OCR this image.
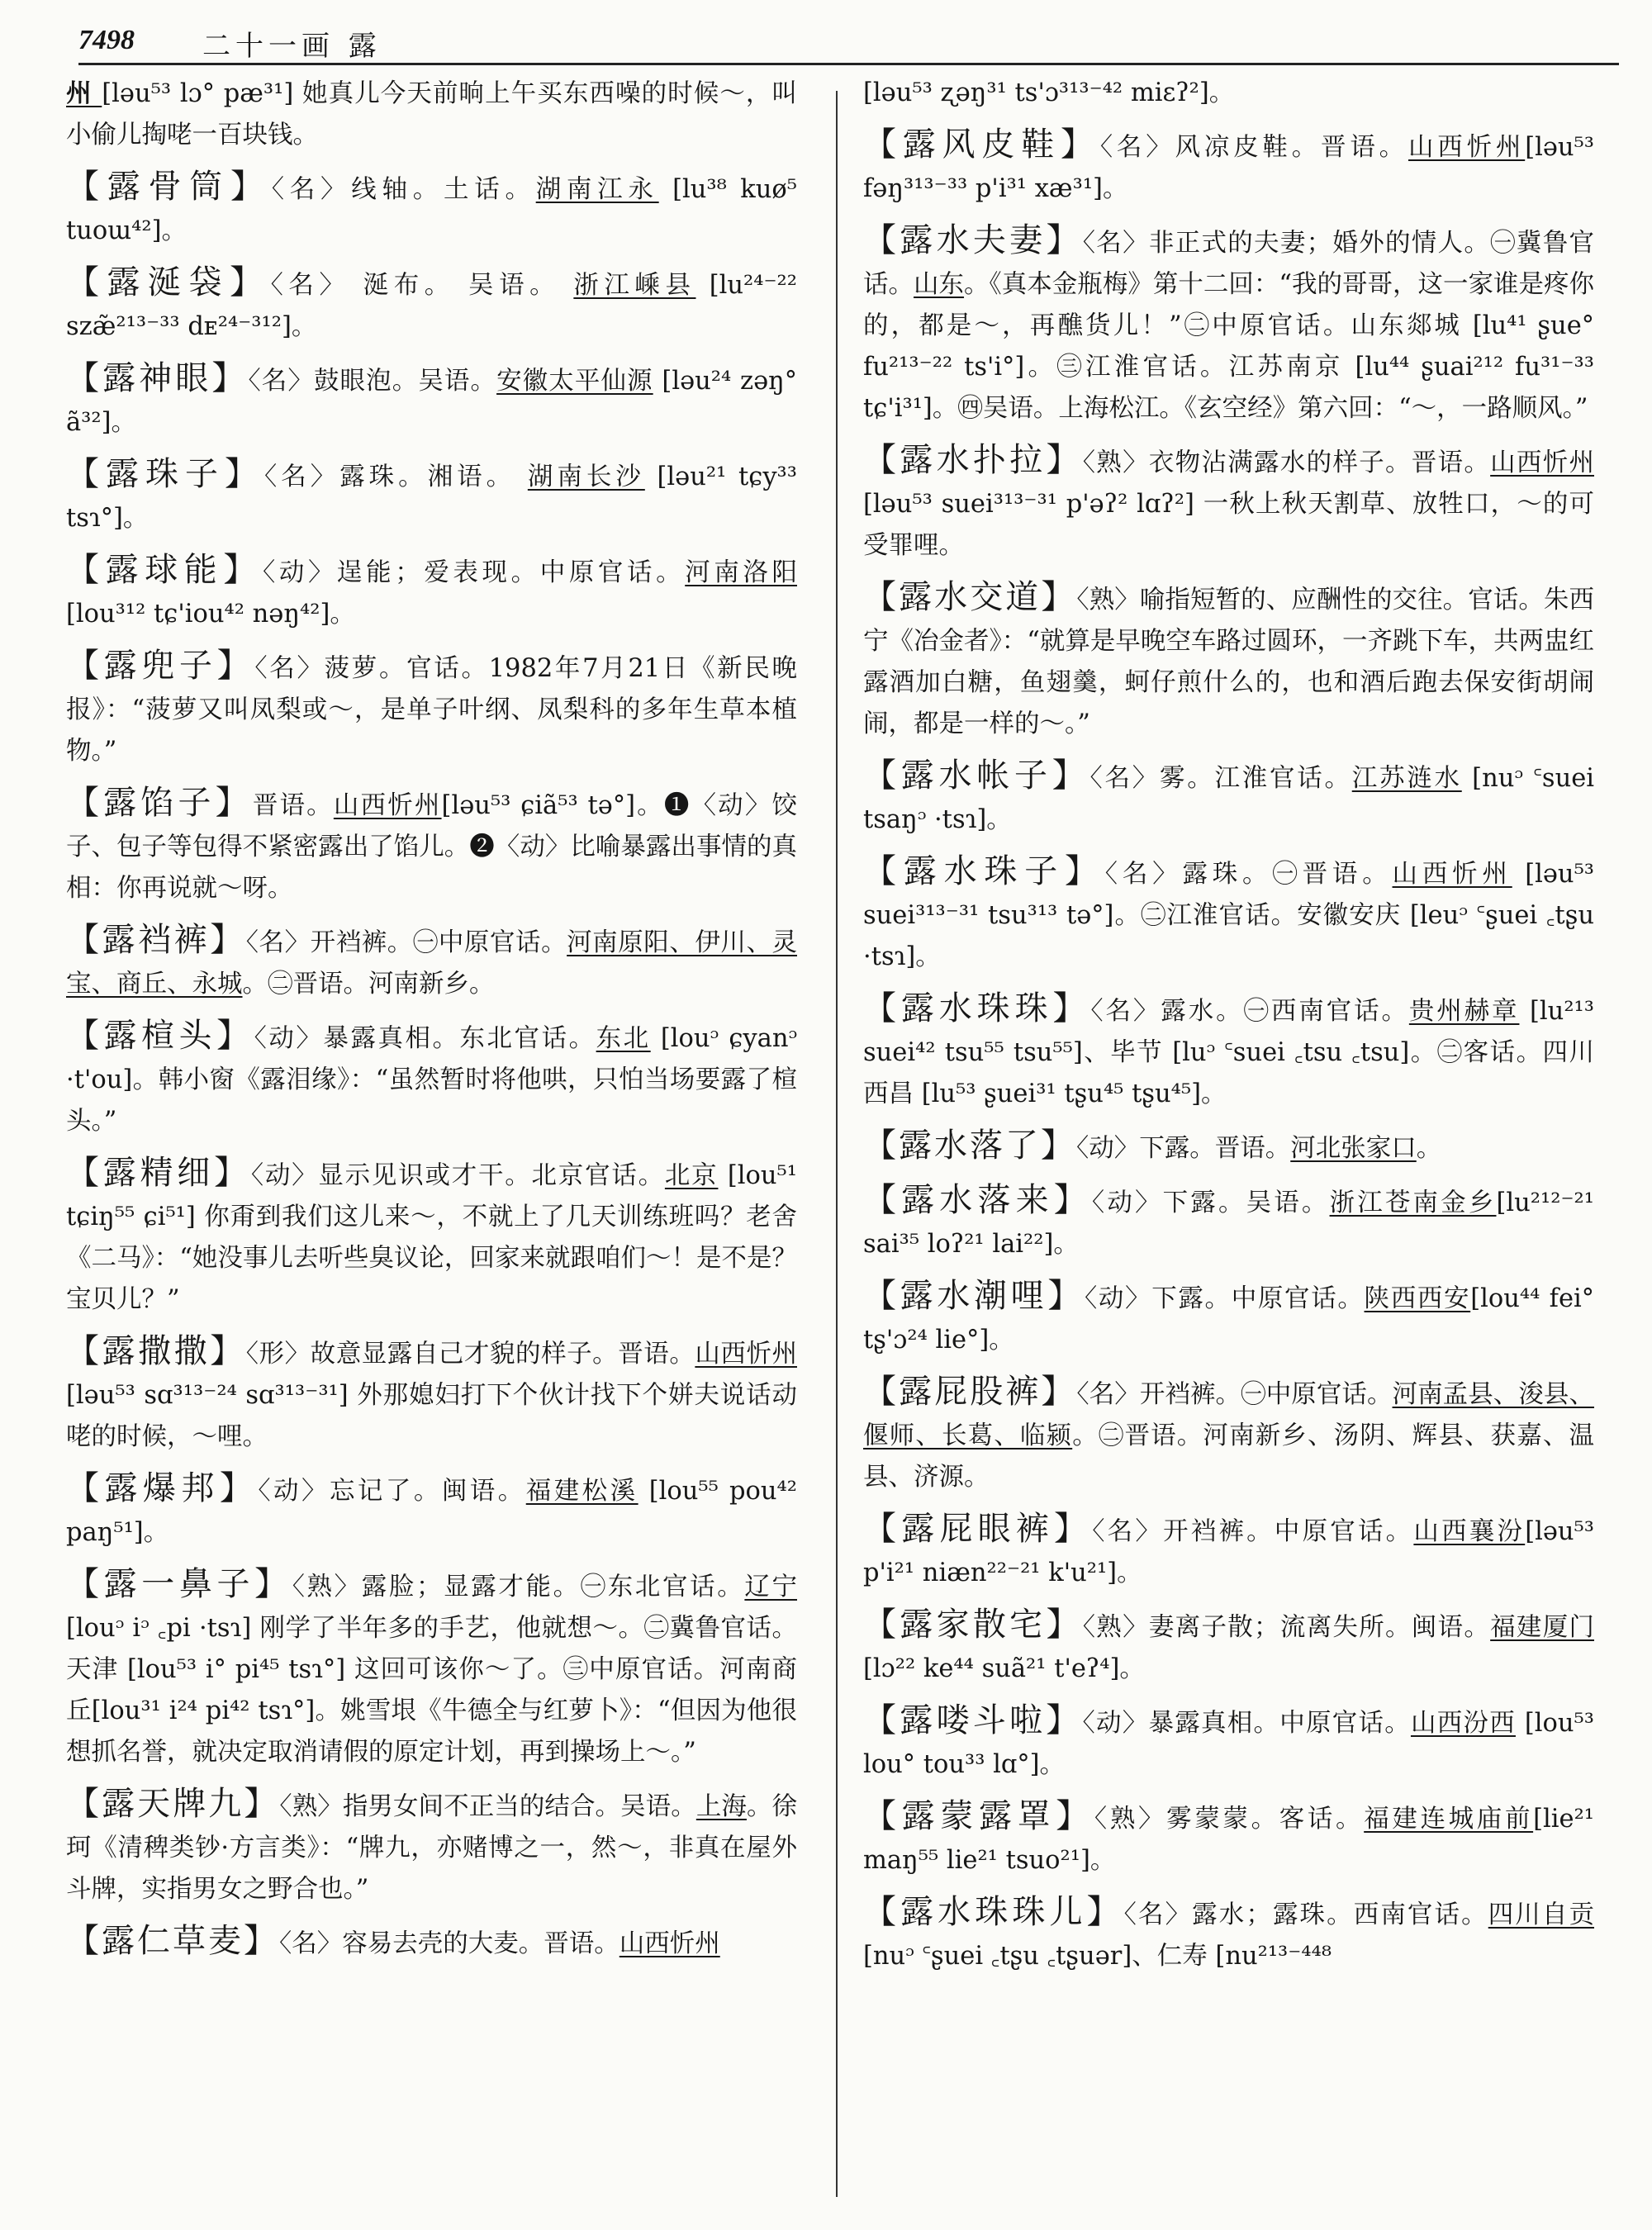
7498 二十一画 露

州 [ləu⁵³ lɔ° pæ³¹] 她真儿今天前晌上午买东西噪的时候～，叫小偷儿掏咾一百块钱。

【露骨筒】〈名〉线轴。土话。湖南江永 [lu³⁸ kuø⁵ tuoɯ⁴²]。

【露涎袋】〈名〉 涎布。 吴语。 浙江嵊县 [lu²⁴⁻²² szæ̃²¹³⁻³³ dᴇ²⁴⁻³¹²]。

【露神眼】〈名〉鼓眼泡。吴语。安徽太平仙源 [ləu²⁴ zəŋ° ã³²]。

【露珠子】〈名〉露珠。湘语。 湖南长沙 [ləu²¹ tɕy³³ tsɿ°]。

【露球能】〈动〉逞能；爱表现。中原官话。河南洛阳 [lou³¹² tɕ'iou⁴² nəŋ⁴²]。

【露兜子】〈名〉菠萝。官话。1982年7月21日《新民晚报》：“菠萝又叫凤梨或～，是单子叶纲、凤梨科的多年生草本植物。”

【露馅子】晋语。山西忻州[ləu⁵³ ɕiã⁵³ tə°]。❶〈动〉饺子、包子等包得不紧密露出了馅儿。❷〈动〉比喻暴露出事情的真相：你再说就～呀。

【露裆裤】〈名〉开裆裤。㊀中原官话。河南原阳、伊川、灵宝、商丘、永城。㊁晋语。河南新乡。

【露楦头】〈动〉暴露真相。东北官话。东北 [louᵓ ɕyanᵓ ·t'ou]。韩小窗《露泪缘》：“虽然暂时将他哄，只怕当场要露了楦头。”

【露精细】〈动〉显示见识或才干。北京官话。北京 [lou⁵¹ tɕiŋ⁵⁵ ɕi⁵¹] 你甭到我们这儿来～，不就上了几天训练班吗？老舍《二马》：“她没事儿去听些臭议论，回家来就跟咱们～！是不是？宝贝儿？”

【露撒撒】〈形〉故意显露自己才貌的样子。晋语。山西忻州 [ləu⁵³ sɑ³¹³⁻²⁴ sɑ³¹³⁻³¹] 外那媳妇打下个伙计找下个姘夫说话动咾的时候，～哩。

【露爆邦】〈动〉忘记了。闽语。福建松溪 [lou⁵⁵ pou⁴² paŋ⁵¹]。

【露一鼻子】〈熟〉露脸；显露才能。㊀东北官话。辽宁 [louᵓ iᵓ ꜀pi ·tsɿ] 刚学了半年多的手艺，他就想～。㊁冀鲁官话。天津 [lou⁵³ i° pi⁴⁵ tsɿ°] 这回可该你～了。㊂中原官话。河南商丘[lou³¹ i²⁴ pi⁴² tsɿ°]。姚雪垠《牛德全与红萝卜》：“但因为他很想抓名誉，就决定取消请假的原定计划，再到操场上～。”

【露天牌九】〈熟〉指男女间不正当的结合。吴语。上海。徐珂《清稗类钞·方言类》：“牌九，亦赌博之一，然～，非真在屋外斗牌，实指男女之野合也。”

【露仁草麦】〈名〉容易去壳的大麦。晋语。山西忻州

[ləu⁵³ ʐəŋ³¹ ts'ɔ³¹³⁻⁴² miɛʔ²]。

【露风皮鞋】〈名〉风凉皮鞋。晋语。山西忻州[ləu⁵³ fəŋ³¹³⁻³³ p'i³¹ xæ³¹]。

【露水夫妻】〈名〉非正式的夫妻；婚外的情人。㊀冀鲁官话。山东。《真本金瓶梅》第十二回：“我的哥哥，这一家谁是疼你的，都是～，再醮货儿！”㊁中原官话。山东郯城 [lu⁴¹ ʂue° fu²¹³⁻²² ts'i°]。㊂江淮官话。江苏南京 [lu⁴⁴ ʂuai²¹² fu³¹⁻³³ tɕ'i³¹]。㊃吴语。上海松江。《玄空经》第六回：“～，一路顺风。”

【露水扑拉】〈熟〉衣物沾满露水的样子。晋语。山西忻州 [ləu⁵³ suei³¹³⁻³¹ p'əʔ² lɑʔ²] 一秋上秋天割草、放牲口，～的可受罪哩。

【露水交道】〈熟〉喻指短暂的、应酬性的交往。官话。朱西宁《冶金者》：“就算是早晚空车路过圆环，一齐跳下车，共两盅红露酒加白糖，鱼翅羹，蚵仔煎什么的，也和酒后跑去保安街胡闹闹，都是一样的～。”

【露水帐子】〈名〉雾。江淮官话。江苏涟水 [nuᵓ ꜂suei tsaŋᵓ ·tsɿ]。

【露水珠子】〈名〉露珠。㊀晋语。山西忻州 [ləu⁵³ suei³¹³⁻³¹ tsu³¹³ tə°]。㊁江淮官话。安徽安庆 [leuᵓ ꜂ʂuei ꜀tʂu ·tsɿ]。

【露水珠珠】〈名〉露水。㊀西南官话。贵州赫章 [lu²¹³ suei⁴² tsu⁵⁵ tsu⁵⁵]、毕节 [luᵓ ꜂suei ꜀tsu ꜀tsu]。㊁客话。四川西昌 [lu⁵³ ʂuei³¹ tʂu⁴⁵ tʂu⁴⁵]。

【露水落了】〈动〉下露。晋语。河北张家口。

【露水落来】〈动〉下露。吴语。浙江苍南金乡[lu²¹²⁻²¹ sai³⁵ loʔ²¹ lai²²]。

【露水潮哩】〈动〉下露。中原官话。陕西西安[lou⁴⁴ fei° tʂ'ɔ²⁴ lie°]。

【露屁股裤】〈名〉开裆裤。㊀中原官话。河南孟县、浚县、偃师、长葛、临颍。㊁晋语。河南新乡、汤阴、辉县、获嘉、温县、济源。

【露屁眼裤】〈名〉开裆裤。中原官话。山西襄汾[ləu⁵³ p'i²¹ niæn²²⁻²¹ k'u²¹]。

【露家散宅】〈熟〉妻离子散；流离失所。闽语。福建厦门 [lɔ²² ke⁴⁴ suã²¹ t'eʔ⁴]。

【露喽斗啦】〈动〉暴露真相。中原官话。山西汾西 [lou⁵³ lou° tou³³ lɑ°]。

【露蒙露罩】〈熟〉雾蒙蒙。客话。福建连城庙前[lie²¹ maŋ⁵⁵ lie²¹ tsuo²¹]。

【露水珠珠儿】〈名〉露水；露珠。西南官话。四川自贡 [nuᵓ ꜂ʂuei ꜀tʂu ꜀tʂuər]、仁寿 [nu²¹³⁻⁴⁴⁸
